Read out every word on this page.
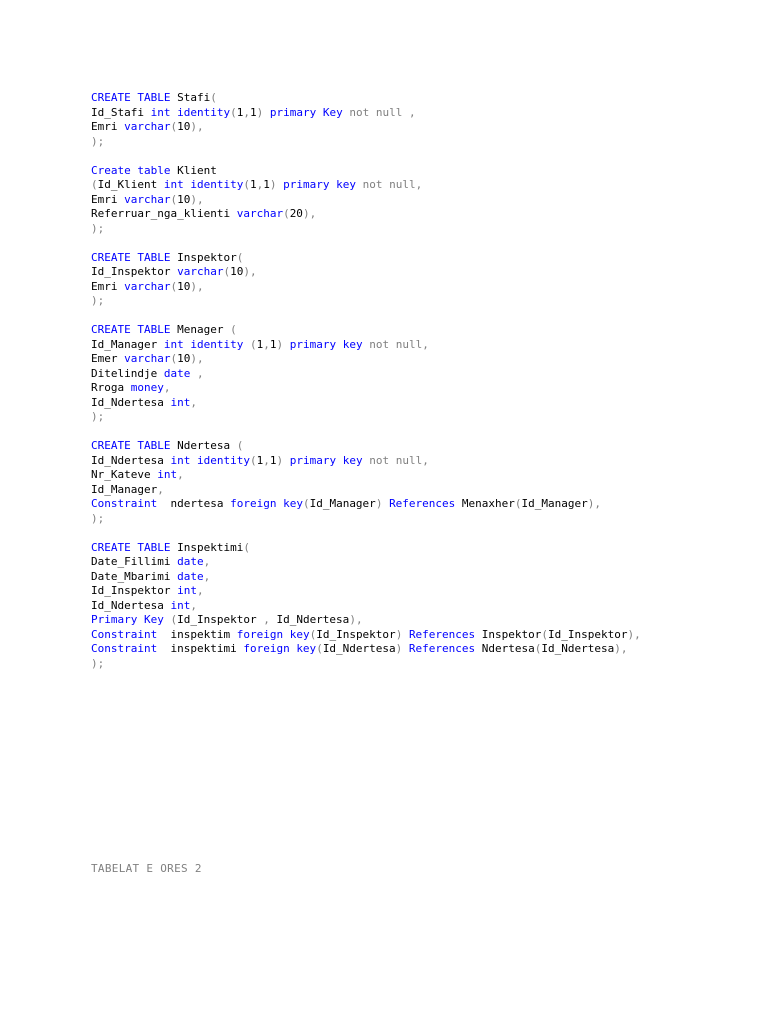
CREATE TABLE Stafi(
Id_Stafi int identity(1,1) primary Key not null ,
Emri varchar(10),
);
Create table Klient
(Id_Klient int identity(1,1) primary key not null,
Emri varchar(10),
Referruar_nga_klienti varchar(20),
);
CREATE TABLE Inspektor(
Id_Inspektor varchar(10),
Emri varchar(10),
);
CREATE TABLE Menager (
Id_Manager int identity (1,1) primary key not null,
Emer varchar(10),
Ditelindje date ,
Rroga money,
Id_Ndertesa int,
);
CREATE TABLE Ndertesa (
Id_Ndertesa int identity(1,1) primary key not null,
Nr_Kateve int,
Id_Manager,
Constraint  ndertesa foreign key(Id_Manager) References Menaxher(Id_Manager),
);
CREATE TABLE Inspektimi(
Date_Fillimi date,
Date_Mbarimi date,
Id_Inspektor int,
Id_Ndertesa int,
Primary Key (Id_Inspektor , Id_Ndertesa),
Constraint  inspektim foreign key(Id_Inspektor) References Inspektor(Id_Inspektor),
Constraint  inspektimi foreign key(Id_Ndertesa) References Ndertesa(Id_Ndertesa),
);
TABELAT E ORES 2
